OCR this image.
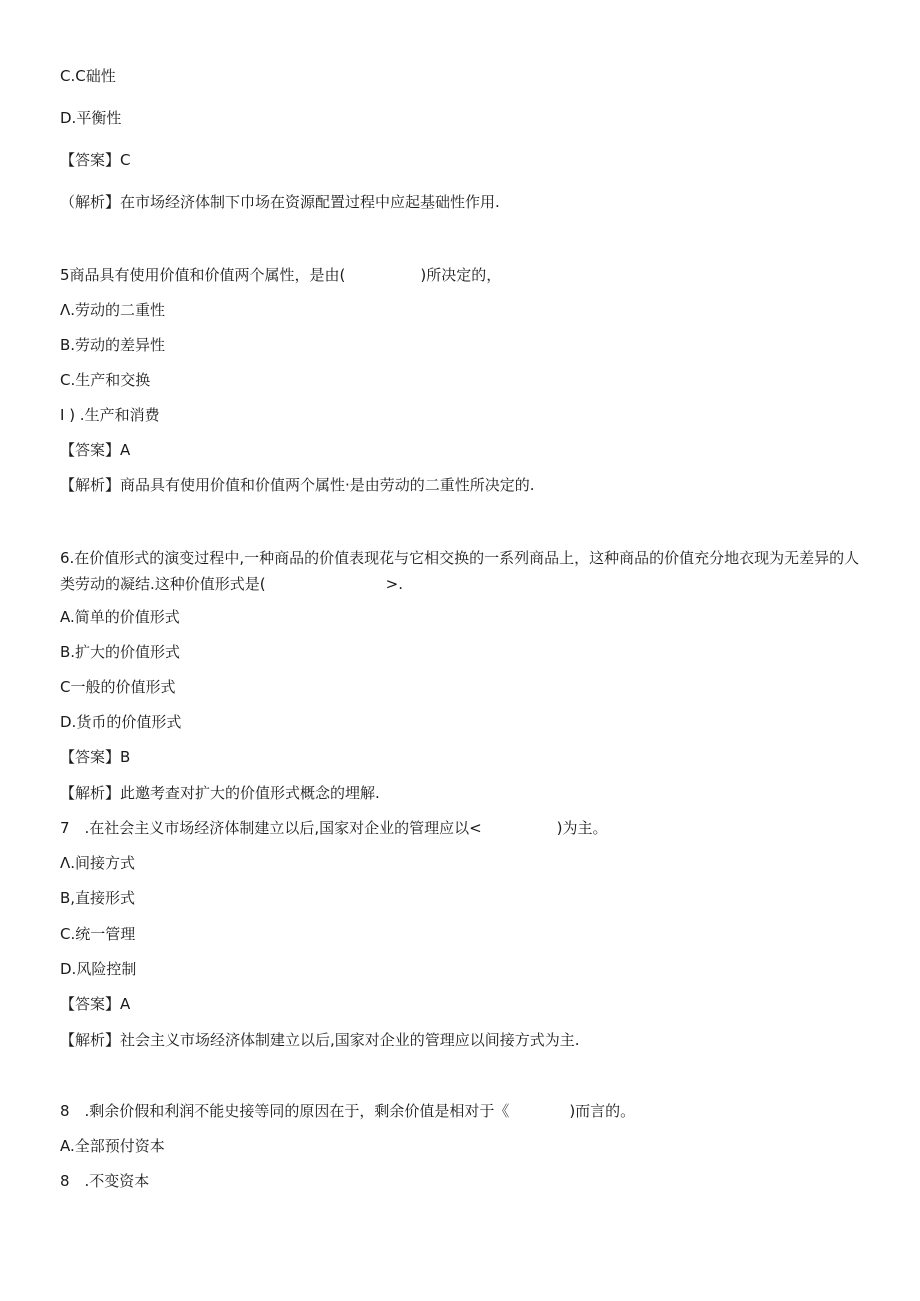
C.C础性
D.平衡性
【答案】C
（解析】在市场经济体制下巾场在资源配置过程中应起基础性作用.
5商品具有使用价值和价值两个属性，是由(　　　　　)所决定的，
Λ.劳动的二重性
B.劳动的差异性
C.生产和交换
I ) .生产和消费
【答案】A
【解析】商品具有使用价值和价值两个属性·是由劳动的二重性所决定的.
6.在价值形式的演变过程中,一种商品的价值表现花与它相交换的一系列商品上，这种商品的价值充分地衣现为无差异的人类劳动的凝结.这种价值形式是(　　　　　　　　>.
A.简单的价值形式
B.扩大的价值形式
C一般的价值形式
D.货币的价值形式
【答案】B
【解析】此邀考查对扩大的价值形式概念的埋解.
7　.在社会主义市场经济体制建立以后,国家对企业的管理应以<　　　　　)为主。
Λ.间接方式
B,直接形式
C.统一管理
D.风险控制
【答案】A
【解析】社会主义市场经济体制建立以后,国家对企业的管理应以间接方式为主.
8　.剩余价假和利润不能史接等同的原因在于，剩余价值是相对于《　　　　)而言的。
A.全部预付资本
8　.不变资本
